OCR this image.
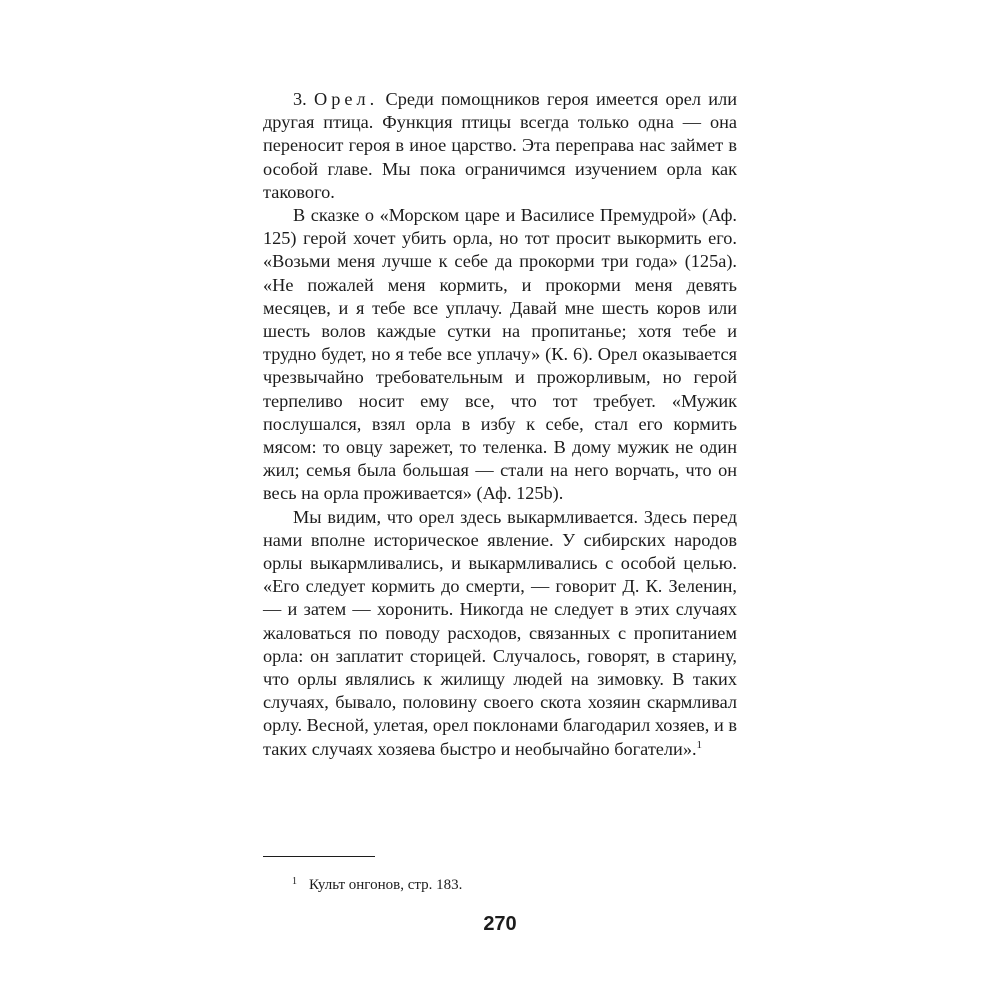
3. Орел. Среди помощников героя имеется орел или другая птица. Функция птицы всегда только одна — она переносит героя в иное царство. Эта переправа нас займет в особой главе. Мы пока ограничимся изучением орла как такового.

В сказке о «Морском царе и Василисе Премудрой» (Аф. 125) герой хочет убить орла, но тот просит выкормить его. «Возьми меня лучше к себе да прокорми три года» (125а). «Не пожалей меня кормить, и прокорми меня девять месяцев, и я тебе все уплачу. Давай мне шесть коров или шесть волов каждые сутки на пропитанье; хотя тебе и трудно будет, но я тебе все уплачу» (К. 6). Орел оказывается чрезвычайно требовательным и прожорливым, но герой терпеливо носит ему все, что тот требует. «Мужик послушался, взял орла в избу к себе, стал его кормить мясом: то овцу зарежет, то теленка. В дому мужик не один жил; семья была большая — стали на него ворчать, что он весь на орла проживается» (Аф. 125b).

Мы видим, что орел здесь выкармливается. Здесь перед нами вполне историческое явление. У сибирских народов орлы выкармливались, и выкармливались с особой целью. «Его следует кормить до смерти, — говорит Д. К. Зеленин, — и затем — хоронить. Никогда не следует в этих случаях жаловаться по поводу расходов, связанных с пропитанием орла: он заплатит сторицей. Случалось, говорят, в старину, что орлы являлись к жилищу людей на зимовку. В таких случаях, бывало, половину своего скота хозяин скармливал орлу. Весной, улетая, орел поклонами благодарил хозяев, и в таких случаях хозяева быстро и необычайно богатели».$^1$

$^1$ Культ онгонов, стр. 183.
270
